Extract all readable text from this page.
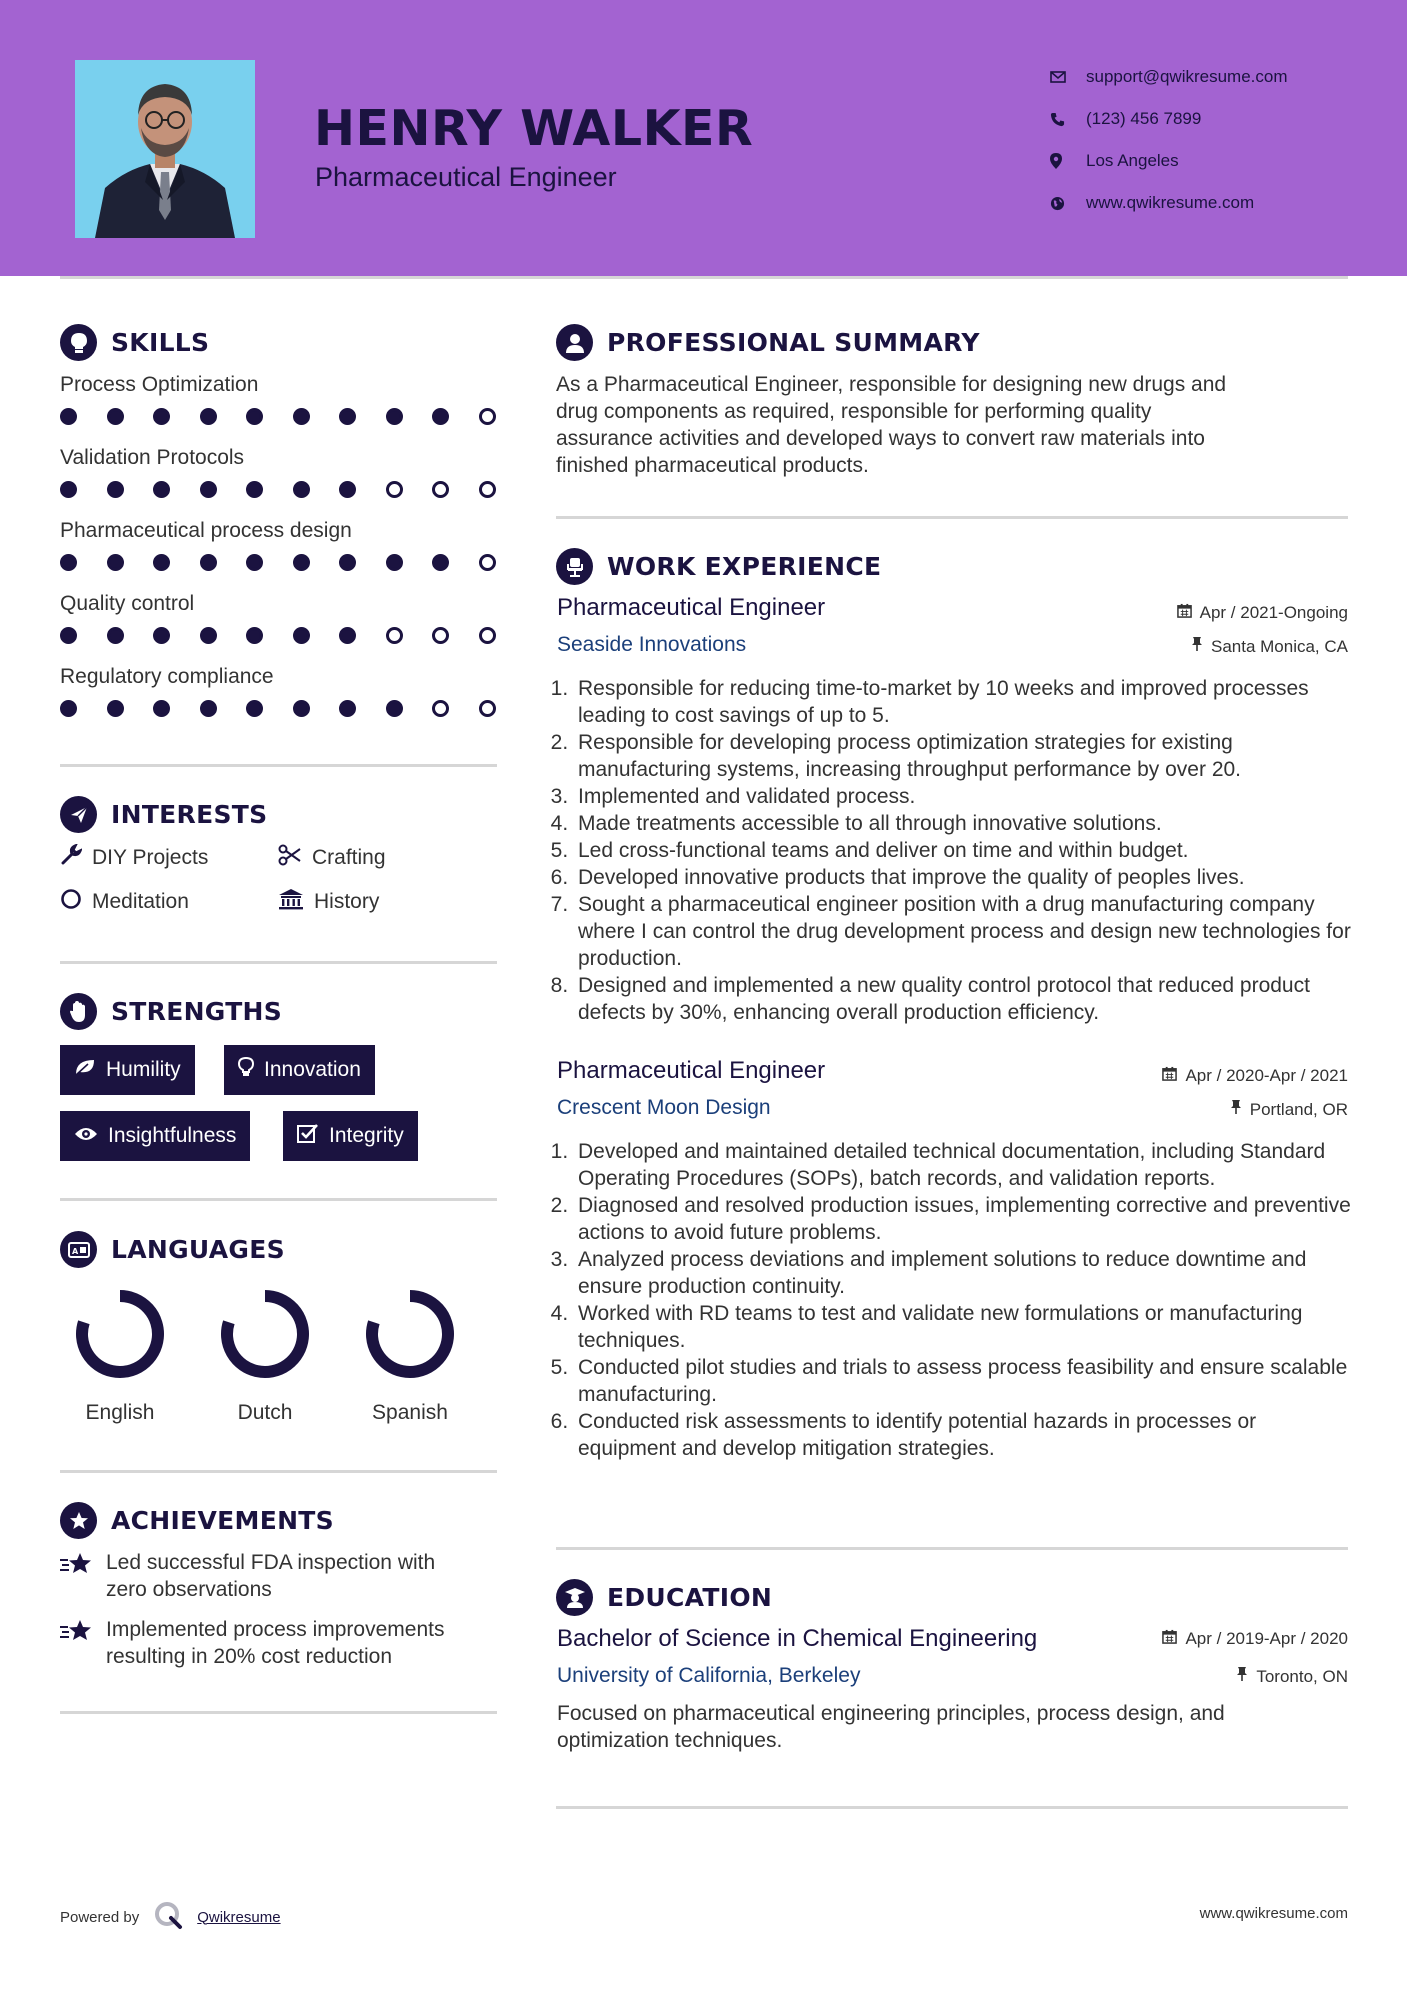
HENRY WALKER
Pharmaceutical Engineer
support@qwikresume.com
(123) 456 7899
Los Angeles
www.qwikresume.com
SKILLS
Process Optimization
Validation Protocols
Pharmaceutical process design
Quality control
Regulatory compliance
INTERESTS
DIY Projects	Crafting
Meditation	History
STRENGTHS
Humility	Innovation
Insightfulness	Integrity
A LANGUAGES
English	Dutch	Spanish
ACHIEVEMENTS
Led successful FDA inspection with
zero observations
Implemented process improvements
resulting in 20% cost reduction
PROFESSIONAL SUMMARY
As a Pharmaceutical Engineer, responsible for designing new drugs and
drug components as required, responsible for performing quality
assurance activities and developed ways to convert raw materials into
finished pharmaceutical products.
WORK EXPERIENCE
Pharmaceutical Engineer	Apr / 2021-Ongoing
Seaside Innovations	Santa Monica, CA
1. Responsible for reducing time-to-market by 10 weeks and improved processes leading to cost savings of up to 5.
2. Responsible for developing process optimization strategies for existing manufacturing systems, increasing throughput performance by over 20.
3. Implemented and validated process.
4. Made treatments accessible to all through innovative solutions.
5. Led cross-functional teams and deliver on time and within budget.
6. Developed innovative products that improve the quality of peoples lives.
7. Sought a pharmaceutical engineer position with a drug manufacturing company where I can control the drug development process and design new technologies for production.
8. Designed and implemented a new quality control protocol that reduced product defects by 30%, enhancing overall production efficiency.
Pharmaceutical Engineer	Apr / 2020-Apr / 2021
Crescent Moon Design	Portland, OR
1. Developed and maintained detailed technical documentation, including Standard Operating Procedures (SOPs), batch records, and validation reports.
2. Diagnosed and resolved production issues, implementing corrective and preventive actions to avoid future problems.
3. Analyzed process deviations and implement solutions to reduce downtime and ensure production continuity.
4. Worked with RD teams to test and validate new formulations or manufacturing techniques.
5. Conducted pilot studies and trials to assess process feasibility and ensure scalable manufacturing.
6. Conducted risk assessments to identify potential hazards in processes or equipment and develop mitigation strategies.
EDUCATION
Bachelor of Science in Chemical Engineering	Apr / 2019-Apr / 2020
University of California, Berkeley	Toronto, ON
Focused on pharmaceutical engineering principles, process design, and
optimization techniques.
Powered by	Qwikresume	www.qwikresume.com
